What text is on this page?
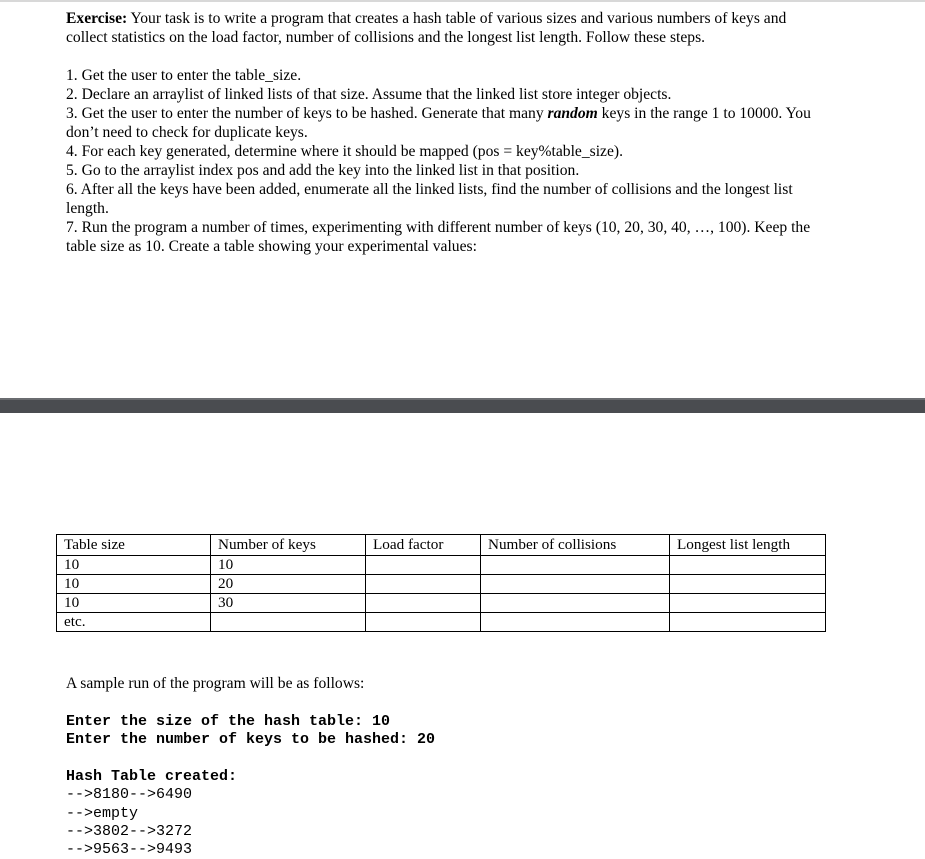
Exercise: Your task is to write a program that creates a hash table of various sizes and various numbers of keys and collect statistics on the load factor, number of collisions and the longest list length. Follow these steps.

1. Get the user to enter the table_size.

2. Declare an arraylist of linked lists of that size. Assume that the linked list store integer objects.

3. Get the user to enter the number of keys to be hashed. Generate that many random keys in the range 1 to 10000. You don’t need to check for duplicate keys.

4. For each key generated, determine where it should be mapped (pos = key%table_size).

5. Go to the arraylist index pos and add the key into the linked list in that position.

6. After all the keys have been added, enumerate all the linked lists, find the number of collisions and the longest list length.

7. Run the program a number of times, experimenting with different number of keys (10, 20, 30, 40, …, 100). Keep the table size as 10. Create a table showing your experimental values:

Table size	Number of keys	Load factor	Number of collisions	Longest list length
10	10			
10	20			
10	30			
etc.				

A sample run of the program will be as follows:

Enter the size of the hash table: 10

Enter the number of keys to be hashed: 20

Hash Table created:

-->8180-->6490

-->empty

-->3802-->3272

-->9563-->9493
